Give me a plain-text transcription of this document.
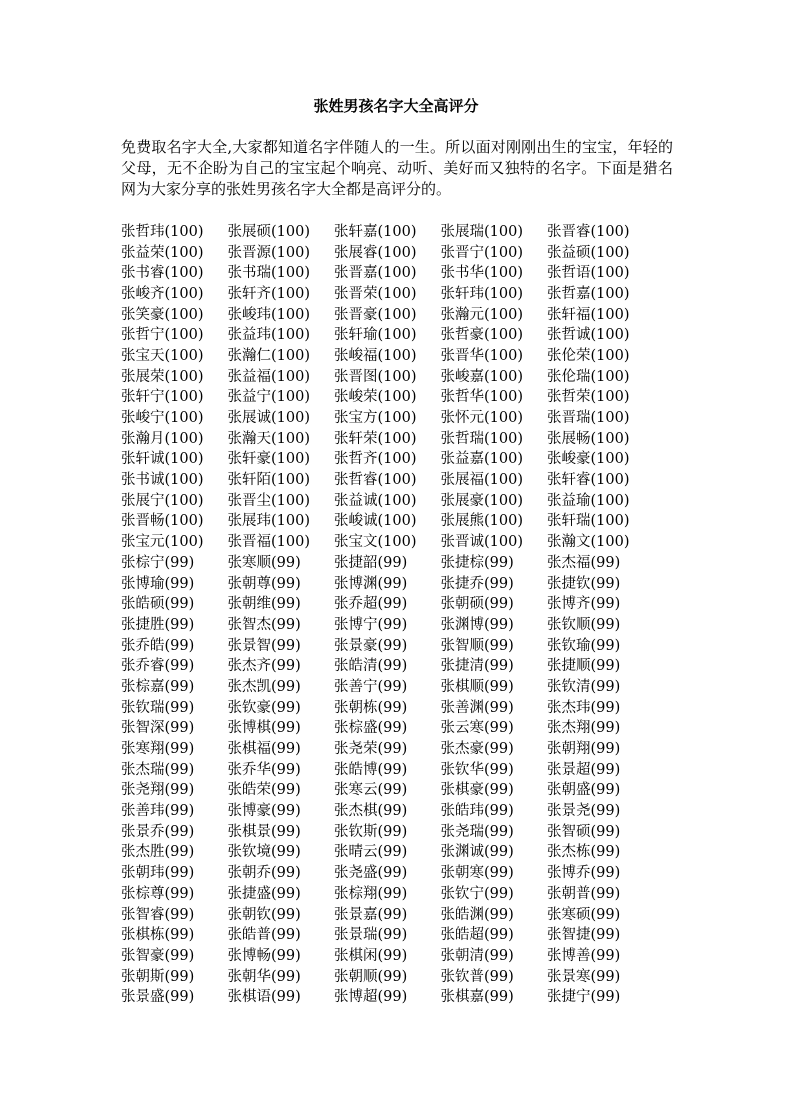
张姓男孩名字大全高评分
免费取名字大全,大家都知道名字伴随人的一生。所以面对刚刚出生的宝宝，年轻的父母，无不企盼为自己的宝宝起个响亮、动听、美好而又独特的名字。下面是猎名网为大家分享的张姓男孩名字大全都是高评分的。
张哲玮(100)	张展硕(100)	张轩嘉(100)	张展瑞(100)	张晋睿(100)
张益荣(100)	张晋源(100)	张展睿(100)	张晋宁(100)	张益硕(100)
张书睿(100)	张书瑞(100)	张晋嘉(100)	张书华(100)	张哲语(100)
张峻齐(100)	张轩齐(100)	张晋荣(100)	张轩玮(100)	张哲嘉(100)
张笑豪(100)	张峻玮(100)	张晋豪(100)	张瀚元(100)	张轩福(100)
张哲宁(100)	张益玮(100)	张轩瑜(100)	张哲豪(100)	张哲诚(100)
张宝天(100)	张瀚仁(100)	张峻福(100)	张晋华(100)	张伦荣(100)
张展荣(100)	张益福(100)	张晋图(100)	张峻嘉(100)	张伦瑞(100)
张轩宁(100)	张益宁(100)	张峻荣(100)	张哲华(100)	张哲荣(100)
张峻宁(100)	张展诚(100)	张宝方(100)	张怀元(100)	张晋瑞(100)
张瀚月(100)	张瀚天(100)	张轩荣(100)	张哲瑞(100)	张展畅(100)
张轩诚(100)	张轩豪(100)	张哲齐(100)	张益嘉(100)	张峻豪(100)
张书诚(100)	张轩陌(100)	张哲睿(100)	张展福(100)	张轩睿(100)
张展宁(100)	张晋尘(100)	张益诚(100)	张展豪(100)	张益瑜(100)
张晋畅(100)	张展玮(100)	张峻诚(100)	张展熊(100)	张轩瑞(100)
张宝元(100)	张晋福(100)	张宝文(100)	张晋诚(100)	张瀚文(100)
张棕宁(99)	张寒顺(99)	张捷韶(99)	张捷棕(99)	张杰福(99)
张博瑜(99)	张朝尊(99)	张博渊(99)	张捷乔(99)	张捷钦(99)
张皓硕(99)	张朝维(99)	张乔超(99)	张朝硕(99)	张博齐(99)
张捷胜(99)	张智杰(99)	张博宁(99)	张渊博(99)	张钦顺(99)
张乔皓(99)	张景智(99)	张景豪(99)	张智顺(99)	张钦瑜(99)
张乔睿(99)	张杰齐(99)	张皓清(99)	张捷清(99)	张捷顺(99)
张棕嘉(99)	张杰凯(99)	张善宁(99)	张棋顺(99)	张钦清(99)
张钦瑞(99)	张钦豪(99)	张朝栋(99)	张善渊(99)	张杰玮(99)
张智深(99)	张博棋(99)	张棕盛(99)	张云寒(99)	张杰翔(99)
张寒翔(99)	张棋福(99)	张尧荣(99)	张杰豪(99)	张朝翔(99)
张杰瑞(99)	张乔华(99)	张皓博(99)	张钦华(99)	张景超(99)
张尧翔(99)	张皓荣(99)	张寒云(99)	张棋豪(99)	张朝盛(99)
张善玮(99)	张博豪(99)	张杰棋(99)	张皓玮(99)	张景尧(99)
张景乔(99)	张棋景(99)	张钦斯(99)	张尧瑞(99)	张智硕(99)
张杰胜(99)	张钦境(99)	张晴云(99)	张渊诚(99)	张杰栋(99)
张朝玮(99)	张朝乔(99)	张尧盛(99)	张朝寒(99)	张博乔(99)
张棕尊(99)	张捷盛(99)	张棕翔(99)	张钦宁(99)	张朝普(99)
张智睿(99)	张朝钦(99)	张景嘉(99)	张皓渊(99)	张寒硕(99)
张棋栋(99)	张皓普(99)	张景瑞(99)	张皓超(99)	张智捷(99)
张智豪(99)	张博畅(99)	张棋闲(99)	张朝清(99)	张博善(99)
张朝斯(99)	张朝华(99)	张朝顺(99)	张钦普(99)	张景寒(99)
张景盛(99)	张棋语(99)	张博超(99)	张棋嘉(99)	张捷宁(99)
